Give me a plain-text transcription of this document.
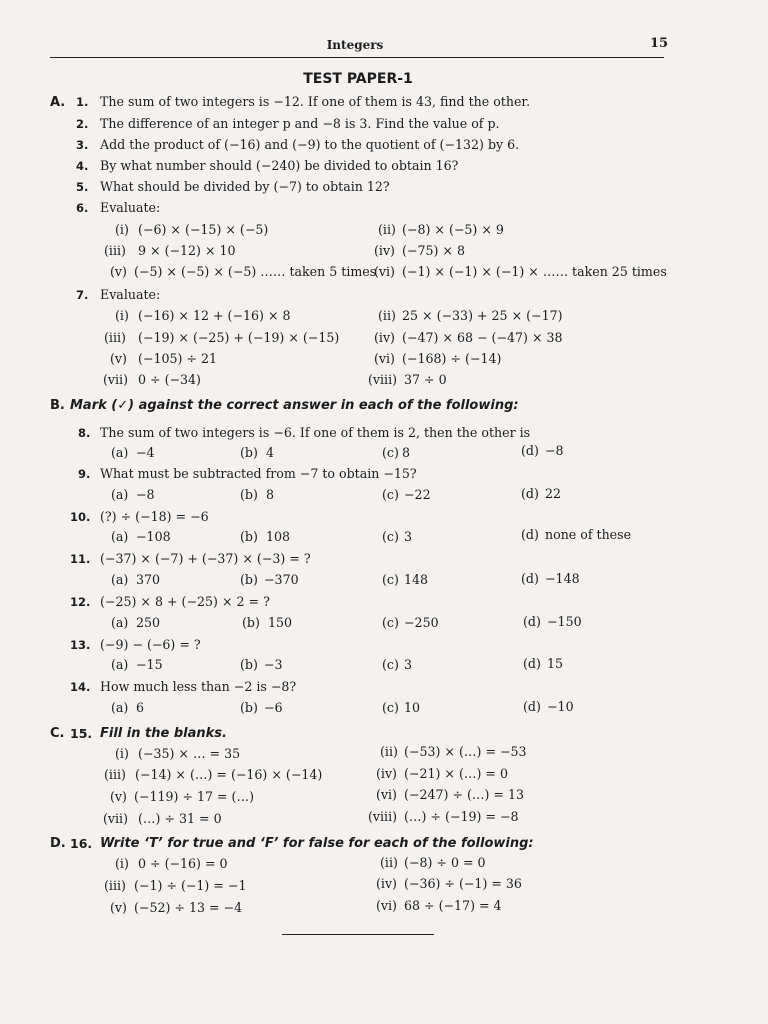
Integers	15
TEST PAPER-1
A. 1. The sum of two integers is −12. If one of them is 43, find the other.
2. The difference of an integer p and −8 is 3. Find the value of p.
3. Add the product of (−16) and (−9) to the quotient of (−132) by 6.
4. By what number should (−240) be divided to obtain 16?
5. What should be divided by (−7) to obtain 12?
6. Evaluate:
(i) (−6) × (−15) × (−5)	(ii) (−8) × (−5) × 9
(iii) 9 × (−12) × 10	(iv) (−75) × 8
(v) (−5) × (−5) × (−5) …… taken 5 times
(vi) (−1) × (−1) × (−1) × …… taken 25 times
7. Evaluate:
(i) (−16) × 12 + (−16) × 8	(ii) 25 × (−33) + 25 × (−17)
(iii) (−19) × (−25) + (−19) × (−15)	(iv) (−47) × 68 − (−47) × 38
(v) (−105) ÷ 21	(vi) (−168) ÷ (−14)
(vii) 0 ÷ (−34)	(viii) 37 ÷ 0
B. Mark (✓) against the correct answer in each of the following:
8. The sum of two integers is −6. If one of them is 2, then the other is
(a) −4	(b) 4	(c) 8	(d) −8
9. What must be subtracted from −7 to obtain −15?
(a) −8	(b) 8	(c) −22	(d) 22
10. (?) ÷ (−18) = −6
(a) −108	(b) 108	(c) 3	(d) none of these
11. (−37) × (−7) + (−37) × (−3) = ?
(a) 370	(b) −370	(c) 148	(d) −148
12. (−25) × 8 + (−25) × 2 = ?
(a) 250	(b) 150	(c) −250	(d) −150
13. (−9) − (−6) = ?
(a) −15	(b) −3	(c) 3	(d) 15
14. How much less than −2 is −8?
(a) 6	(b) −6	(c) 10	(d) −10
C. 15. Fill in the blanks.
(i) (−35) × … = 35	(ii) (−53) × (…) = −53
(iii) (−14) × (…) = (−16) × (−14)	(iv) (−21) × (…) = 0
(v) (−119) ÷ 17 = (…)	(vi) (−247) ÷ (…) = 13
(vii) (…) ÷ 31 = 0	(viii) (…) ÷ (−19) = −8
D. 16. Write ‘T’ for true and ‘F’ for false for each of the following:
(i) 0 ÷ (−16) = 0	(ii) (−8) ÷ 0 = 0
(iii) (−1) ÷ (−1) = −1	(iv) (−36) ÷ (−1) = 36
(v) (−52) ÷ 13 = −4	(vi) 68 ÷ (−17) = 4
